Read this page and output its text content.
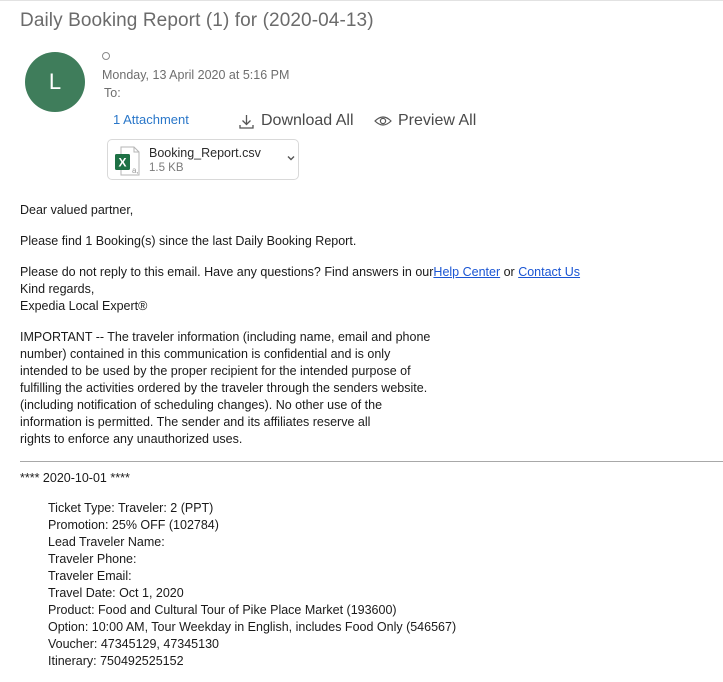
Daily Booking Report (1) for (2020-04-13)
L	Monday, 13 April 2020 at 5:16 PM
To:
1 Attachment	Download All	Preview All
X
a,
Booking_Report.csv
1.5 KB
Dear valued partner,
Please find 1 Booking(s) since the last Daily Booking Report.
Please do not reply to this email. Have any questions? Find answers in ourHelp Center or Contact Us
Kind regards,
Expedia Local Expert®
IMPORTANT -- The traveler information (including name, email and phone
number) contained in this communication is confidential and is only
intended to be used by the proper recipient for the intended purpose of
fulfilling the activities ordered by the traveler through the senders website.
(including notification of scheduling changes). No other use of the
information is permitted. The sender and its affiliates reserve all
rights to enforce any unauthorized uses.
**** 2020-10-01 ****
Ticket Type: Traveler: 2 (PPT)
Promotion: 25% OFF (102784)
Lead Traveler Name:
Traveler Phone:
Traveler Email:
Travel Date: Oct 1, 2020
Product: Food and Cultural Tour of Pike Place Market (193600)
Option: 10:00 AM, Tour Weekday in English, includes Food Only (546567)
Voucher: 47345129, 47345130
Itinerary: 750492525152
